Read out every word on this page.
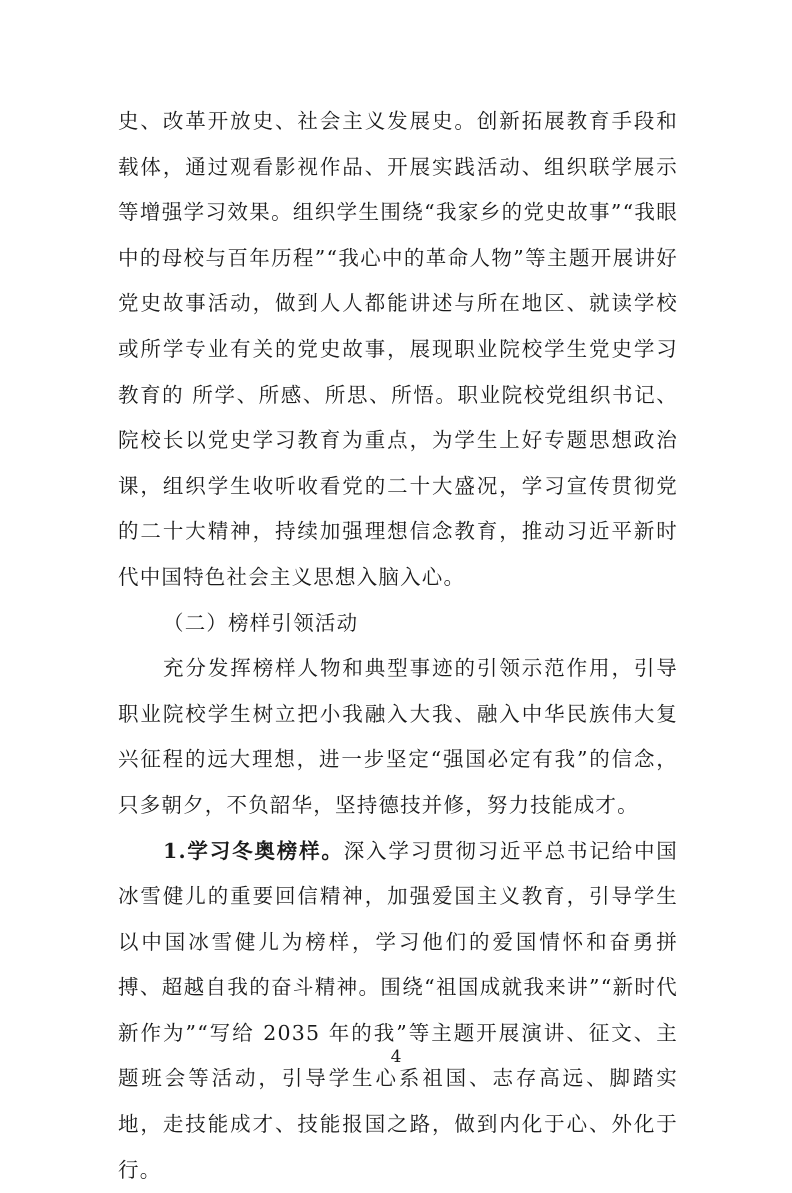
史、改革开放史、社会主义发展史。创新拓展教育手段和载体，通过观看影视作品、开展实践活动、组织联学展示等增强学习效果。组织学生围绕“我家乡的党史故事”“我眼中的母校与百年历程”“我心中的革命人物”等主题开展讲好党史故事活动，做到人人都能讲述与所在地区、就读学校或所学专业有关的党史故事，展现职业院校学生党史学习教育的 所学、所感、所思、所悟。职业院校党组织书记、院校长以党史学习教育为重点，为学生上好专题思想政治课，组织学生收听收看党的二十大盛况，学习宣传贯彻党的二十大精神，持续加强理想信念教育，推动习近平新时代中国特色社会主义思想入脑入心。

（二）榜样引领活动

充分发挥榜样人物和典型事迹的引领示范作用，引导职业院校学生树立把小我融入大我、融入中华民族伟大复兴征程的远大理想，进一步坚定“强国必定有我”的信念，只多朝夕，不负韶华，坚持德技并修，努力技能成才。

1.学习冬奥榜样。深入学习贯彻习近平总书记给中国冰雪健儿的重要回信精神，加强爱国主义教育，引导学生以中国冰雪健儿为榜样，学习他们的爱国情怀和奋勇拼搏、超越自我的奋斗精神。围绕“祖国成就我来讲”“新时代 新作为”“写给 2035 年的我”等主题开展演讲、征文、主题班会等活动，引导学生心系祖国、志存高远、脚踏实地，走技能成才、技能报国之路，做到内化于心、外化于行。

4
